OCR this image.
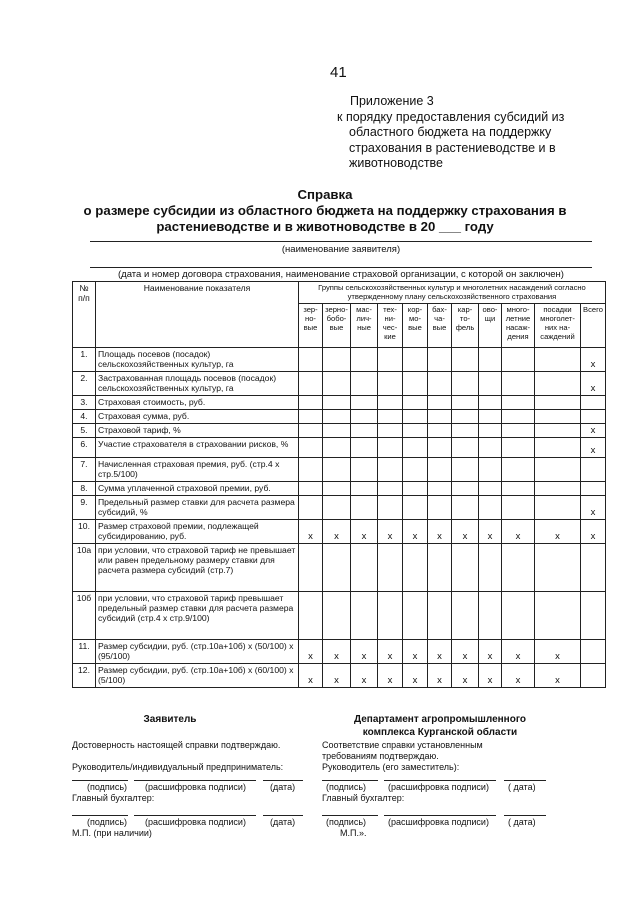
41
Приложение 3
к порядку предоставления субсидий из
областного бюджета на поддержку
страхования в растениеводстве и в
животноводстве
Справка
о размере субсидии из областного бюджета на поддержку страхования в
растениеводстве и в животноводстве в 20 ___ году
(наименование заявителя)
(дата и номер договора страхования, наименование страховой организации, с которой он заключен)
№ п/п	Наименование показателя	Группы сельскохозяйственных культур и многолетних насаждений согласно утвержденному плану сельскохозяйственного страхования										
		зер-но-вые	зерно-бобо-вые	мас-лич-ные	тех-ни-чес-кие	кор-мо-вые	бах-ча-вые	кар-то-фель	ово-щи	много-летние насаж-дения	посадки многолет-них на-саждений	Всего
1.	Площадь посевов (посадок) сельскохозяйственных культур, га											x
2.	Застрахованная площадь посевов (посадок) сельскохозяйственных культур, га											x
3.	Страховая стоимость, руб.											
4.	Страховая сумма, руб.											
5.	Страховой тариф, %											x
6.	Участие страхователя в страховании рисков, %											x
7.	Начисленная страховая премия, руб. (стр.4 x стр.5/100)											
8.	Сумма уплаченной страховой премии, руб.											
9.	Предельный размер ставки для расчета размера субсидий, %											x
10.	Размер страховой премии, подлежащей субсидированию, руб.	x	x	x	x	x	x	x	x	x	x	x
10а	при условии, что страховой тариф не превышает или равен предельному размеру ставки для расчета размера субсидий (стр.7)											
10б	при условии, что страховой тариф превышает предельный размер ставки для расчета размера субсидий (стр.4 x стр.9/100)											
11.	Размер субсидии, руб. (стр.10а+10б) x (50/100) x (95/100)	x	x	x	x	x	x	x	x	x	x	
12.	Размер субсидии, руб. (стр.10а+10б) x (60/100) x (5/100)	x	x	x	x	x	x	x	x	x	x	
Заявитель
Достоверность настоящей справки подтверждаю.
Руководитель/индивидуальный предприниматель:
(подпись) (расшифровка подписи)	(дата)
Главный бухгалтер:
(подпись) (расшифровка подписи)	(дата)
М.П. (при наличии)
Департамент агропромышленного
комплекса Курганской области
Соответствие справки установленным
требованиям подтверждаю.
Руководитель (его заместитель):
(подпись) (расшифровка подписи) ( дата)
Главный бухгалтер:
(подпись) (расшифровка подписи) ( дата)
М.П.».
